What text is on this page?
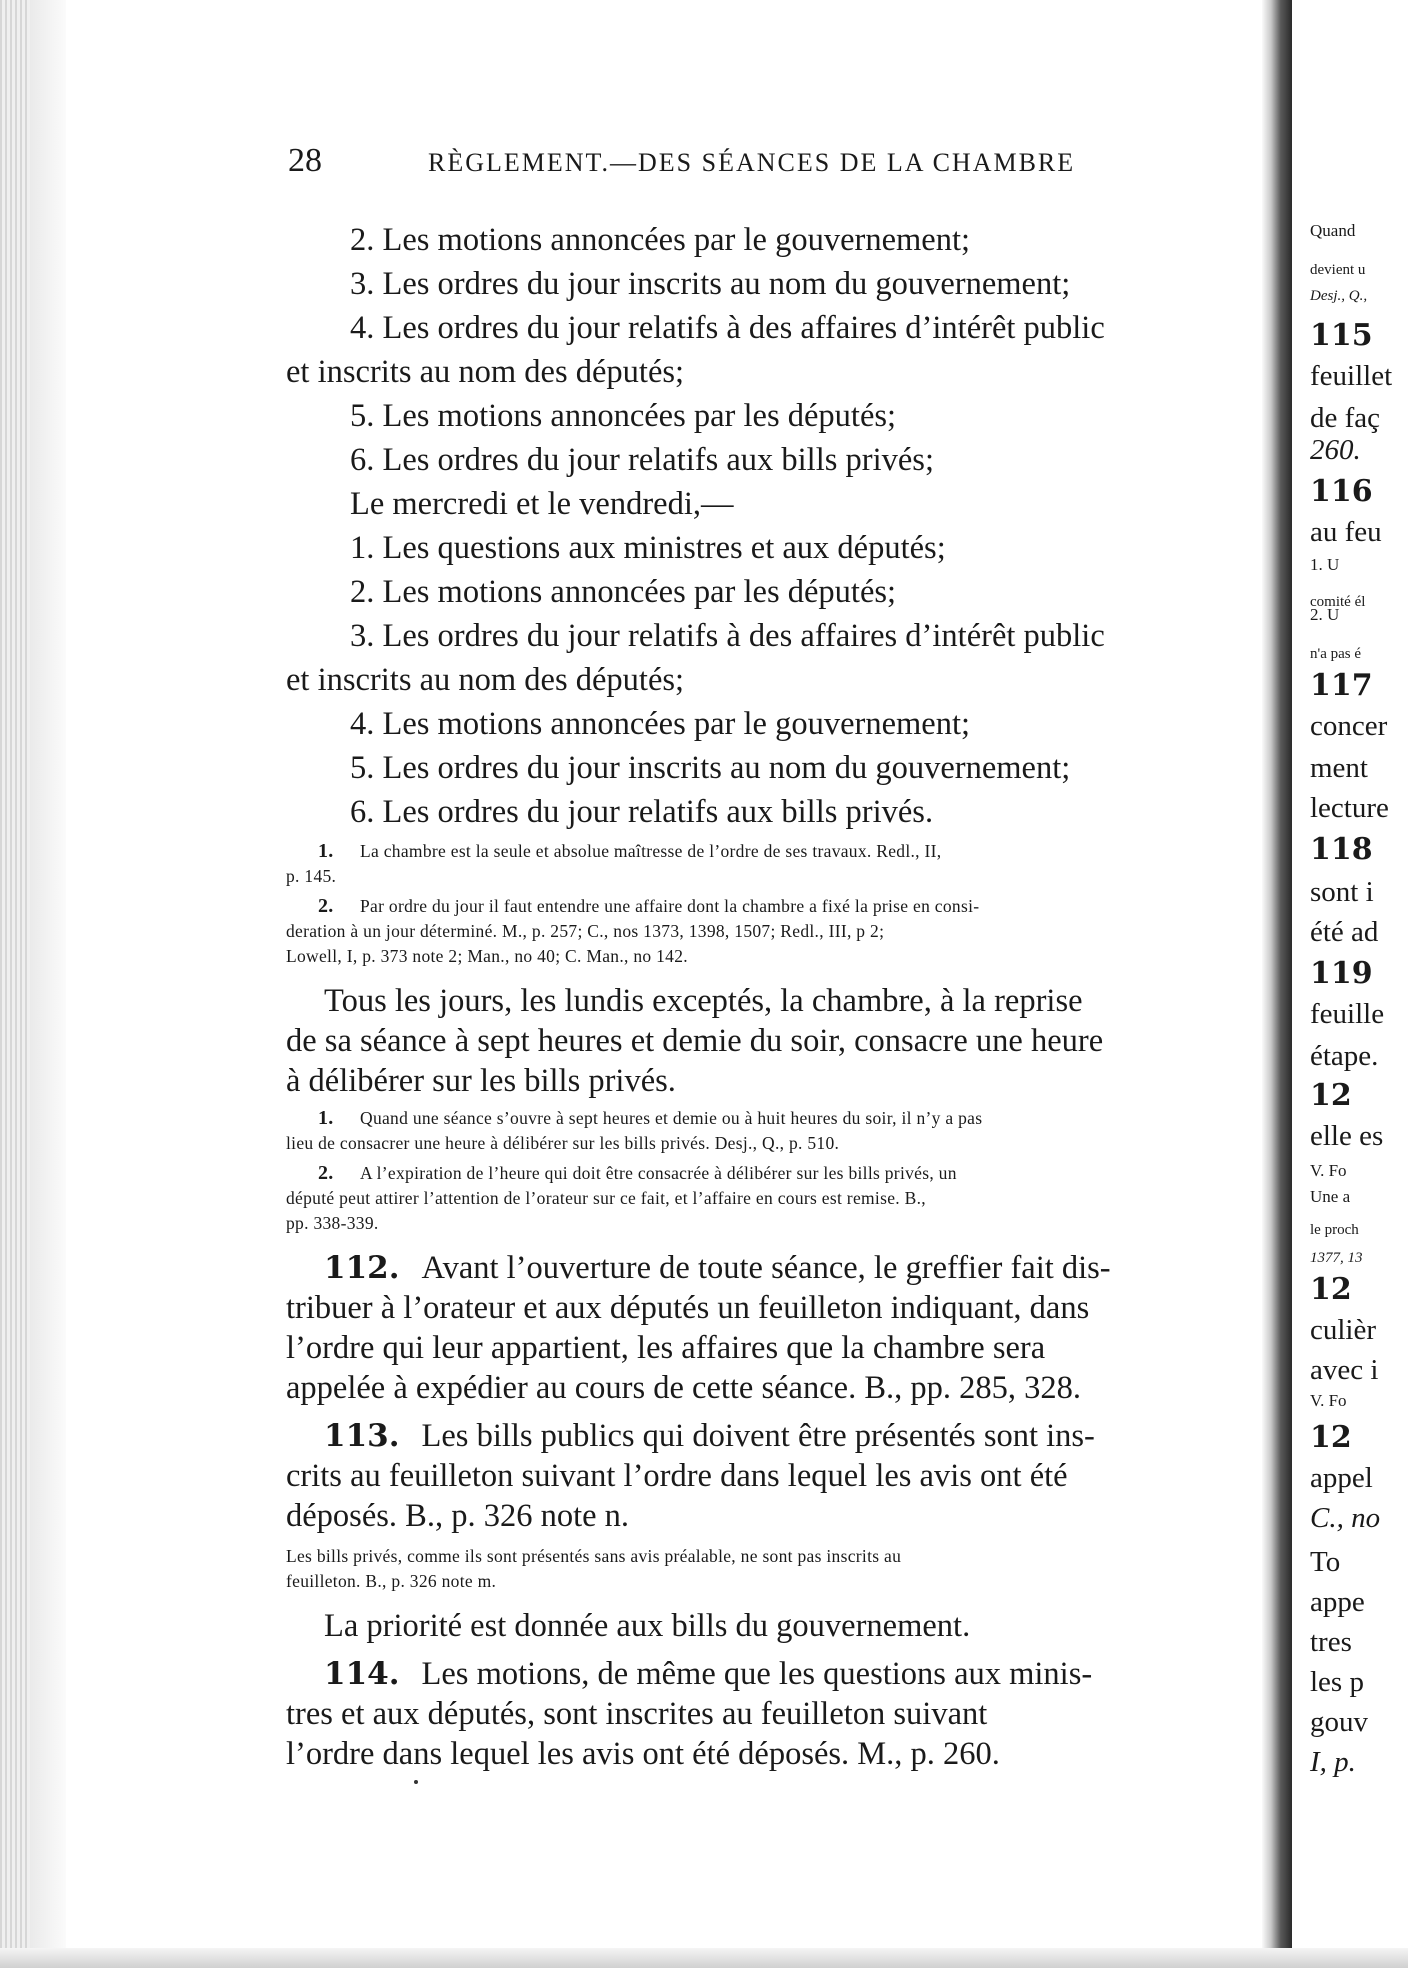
28	RÈGLEMENT.—DES SÉANCES DE LA CHAMBRE
2. Les motions annoncées par le gouvernement;
3. Les ordres du jour inscrits au nom du gouvernement;
4. Les ordres du jour relatifs à des affaires d’intérêt public
et inscrits au nom des députés;
5. Les motions annoncées par les députés;
6. Les ordres du jour relatifs aux bills privés;
Le mercredi et le vendredi,—
1. Les questions aux ministres et aux députés;
2. Les motions annoncées par les députés;
3. Les ordres du jour relatifs à des affaires d’intérêt public
et inscrits au nom des députés;
4. Les motions annoncées par le gouvernement;
5. Les ordres du jour inscrits au nom du gouvernement;
6. Les ordres du jour relatifs aux bills privés.
1. La chambre est la seule et absolue maîtresse de l’ordre de ses travaux. Redl., II,
p. 145.
2. Par ordre du jour il faut entendre une affaire dont la chambre a fixé la prise en consi-
deration à un jour déterminé. M., p. 257; C., nos 1373, 1398, 1507; Redl., III, p 2;
Lowell, I, p. 373 note 2; Man., no 40; C. Man., no 142.
Tous les jours, les lundis exceptés, la chambre, à la reprise
de sa séance à sept heures et demie du soir, consacre une heure
à délibérer sur les bills privés.
1. Quand une séance s’ouvre à sept heures et demie ou à huit heures du soir, il n’y a pas
lieu de consacrer une heure à délibérer sur les bills privés. Desj., Q., p. 510.
2. A l’expiration de l’heure qui doit être consacrée à délibérer sur les bills privés, un
député peut attirer l’attention de l’orateur sur ce fait, et l’affaire en cours est remise. B.,
pp. 338-339.
112. Avant l’ouverture de toute séance, le greffier fait dis-
tribuer à l’orateur et aux députés un feuilleton indiquant, dans
l’ordre qui leur appartient, les affaires que la chambre sera
appelée à expédier au cours de cette séance. B., pp. 285, 328.
113. Les bills publics qui doivent être présentés sont ins-
crits au feuilleton suivant l’ordre dans lequel les avis ont été
déposés. B., p. 326 note n.
Les bills privés, comme ils sont présentés sans avis préalable, ne sont pas inscrits au
feuilleton. B., p. 326 note m.
La priorité est donnée aux bills du gouvernement.
114. Les motions, de même que les questions aux minis-
tres et aux députés, sont inscrites au feuilleton suivant
l’ordre dans lequel les avis ont été déposés. M., p. 260.
Quand
devient u
Desj., Q.,
115
feuillet
de faç
260.
116
au feu
1. U
comité él
2. U
n'a pas é
117
concer
ment
lecture
118
sont i
été ad
119
feuille
étape.
12
elle es
V. Fo
Une a
le proch
1377, 13
12
culièr
avec i
V. Fo
12
appel
C., no
To
appe
tres
les p
gouv
I, p.
